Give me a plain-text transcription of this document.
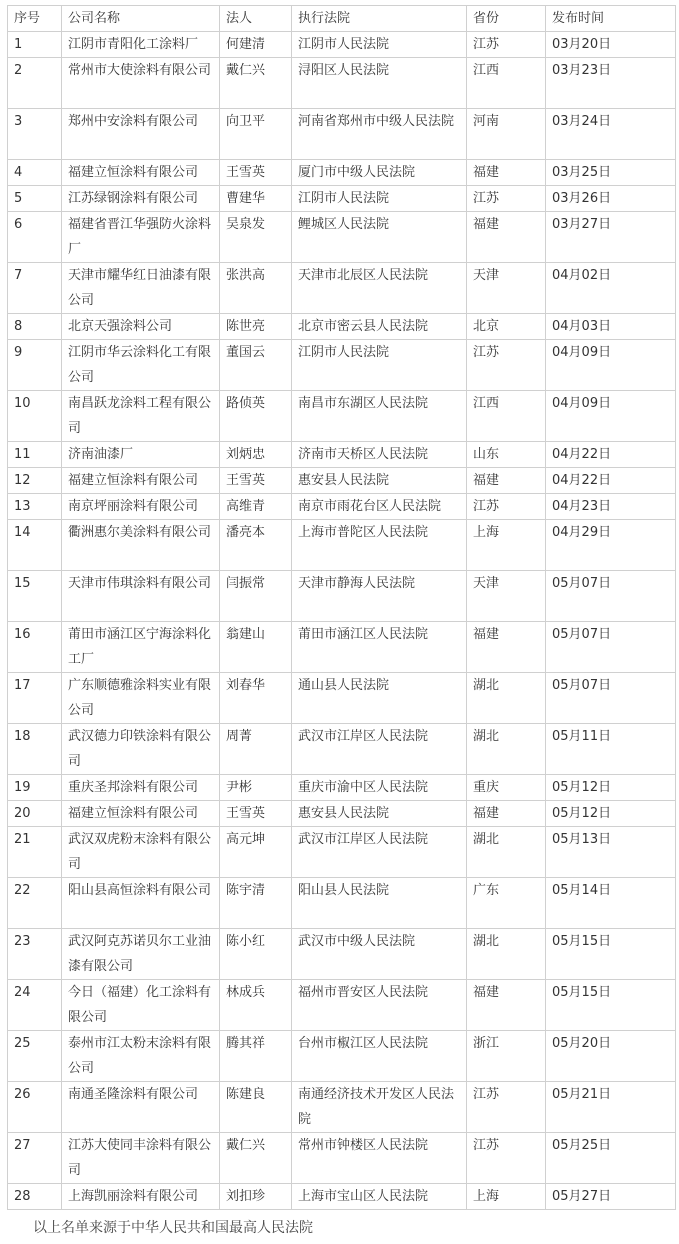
序号	公司名称	法人	执行法院	省份	发布时间
1	江阴市青阳化工涂料厂	何建清	江阴市人民法院	江苏	03月20日
2	常州市大使涂料有限公司	戴仁兴	浔阳区人民法院	江西	03月23日
3	郑州中安涂料有限公司	向卫平	河南省郑州市中级人民法院	河南	03月24日
4	福建立恒涂料有限公司	王雪英	厦门市中级人民法院	福建	03月25日
5	江苏绿钢涂料有限公司	曹建华	江阴市人民法院	江苏	03月26日
6	福建省晋江华强防火涂料厂	吴泉发	鲤城区人民法院	福建	03月27日
7	天津市耀华红日油漆有限公司	张洪高	天津市北辰区人民法院	天津	04月02日
8	北京天强涂料公司	陈世亮	北京市密云县人民法院	北京	04月03日
9	江阴市华云涂料化工有限公司	董国云	江阴市人民法院	江苏	04月09日
10	南昌跃龙涂料工程有限公司	路侦英	南昌市东湖区人民法院	江西	04月09日
11	济南油漆厂	刘炳忠	济南市天桥区人民法院	山东	04月22日
12	福建立恒涂料有限公司	王雪英	惠安县人民法院	福建	04月22日
13	南京坪丽涂料有限公司	高维青	南京市雨花台区人民法院	江苏	04月23日
14	衢洲惠尔美涂料有限公司	潘亮本	上海市普陀区人民法院	上海	04月29日
15	天津市伟琪涂料有限公司	闫振常	天津市静海人民法院	天津	05月07日
16	莆田市涵江区宁海涂料化工厂	翁建山	莆田市涵江区人民法院	福建	05月07日
17	广东顺德雅涂料实业有限公司	刘春华	通山县人民法院	湖北	05月07日
18	武汉德力印铁涂料有限公司	周菁	武汉市江岸区人民法院	湖北	05月11日
19	重庆圣邦涂料有限公司	尹彬	重庆市渝中区人民法院	重庆	05月12日
20	福建立恒涂料有限公司	王雪英	惠安县人民法院	福建	05月12日
21	武汉双虎粉末涂料有限公司	高元坤	武汉市江岸区人民法院	湖北	05月13日
22	阳山县高恒涂料有限公司	陈宇清	阳山县人民法院	广东	05月14日
23	武汉阿克苏诺贝尔工业油漆有限公司	陈小红	武汉市中级人民法院	湖北	05月15日
24	今日（福建）化工涂料有限公司	林成兵	福州市晋安区人民法院	福建	05月15日
25	泰州市江太粉末涂料有限公司	腾其祥	台州市椒江区人民法院	浙江	05月20日
26	南通圣隆涂料有限公司	陈建良	南通经济技术开发区人民法院	江苏	05月21日
27	江苏大使同丰涂料有限公司	戴仁兴	常州市钟楼区人民法院	江苏	05月25日
28	上海凯丽涂料有限公司	刘扣珍	上海市宝山区人民法院	上海	05月27日
以上名单来源于中华人民共和国最高人民法院
